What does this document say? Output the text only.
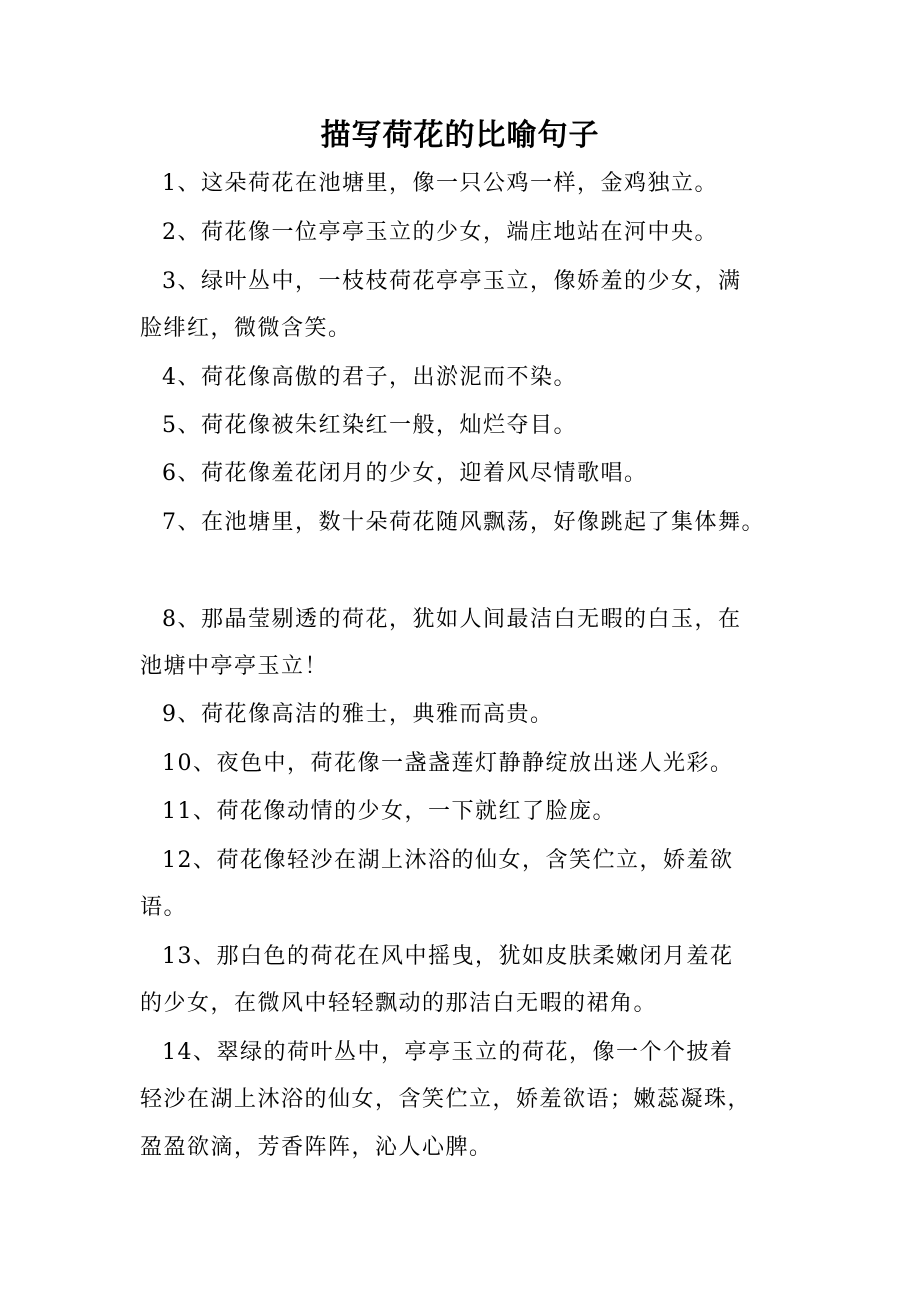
描写荷花的比喻句子
1、这朵荷花在池塘里，像一只公鸡一样，金鸡独立。
2、荷花像一位亭亭玉立的少女，端庄地站在河中央。
3、绿叶丛中，一枝枝荷花亭亭玉立，像娇羞的少女，满
脸绯红，微微含笑。
4、荷花像高傲的君子，出淤泥而不染。
5、荷花像被朱红染红一般，灿烂夺目。
6、荷花像羞花闭月的少女，迎着风尽情歌唱。
7、在池塘里，数十朵荷花随风飘荡，好像跳起了集体舞。
8、那晶莹剔透的荷花，犹如人间最洁白无暇的白玉，在
池塘中亭亭玉立！
9、荷花像高洁的雅士，典雅而高贵。
10、夜色中，荷花像一盏盏莲灯静静绽放出迷人光彩。
11、荷花像动情的少女，一下就红了脸庞。
12、荷花像轻沙在湖上沐浴的仙女，含笑伫立，娇羞欲
语。
13、那白色的荷花在风中摇曳，犹如皮肤柔嫩闭月羞花
的少女，在微风中轻轻飘动的那洁白无暇的裙角。
14、翠绿的荷叶丛中，亭亭玉立的荷花，像一个个披着
轻沙在湖上沐浴的仙女，含笑伫立，娇羞欲语；嫩蕊凝珠，
盈盈欲滴，芳香阵阵，沁人心脾。
